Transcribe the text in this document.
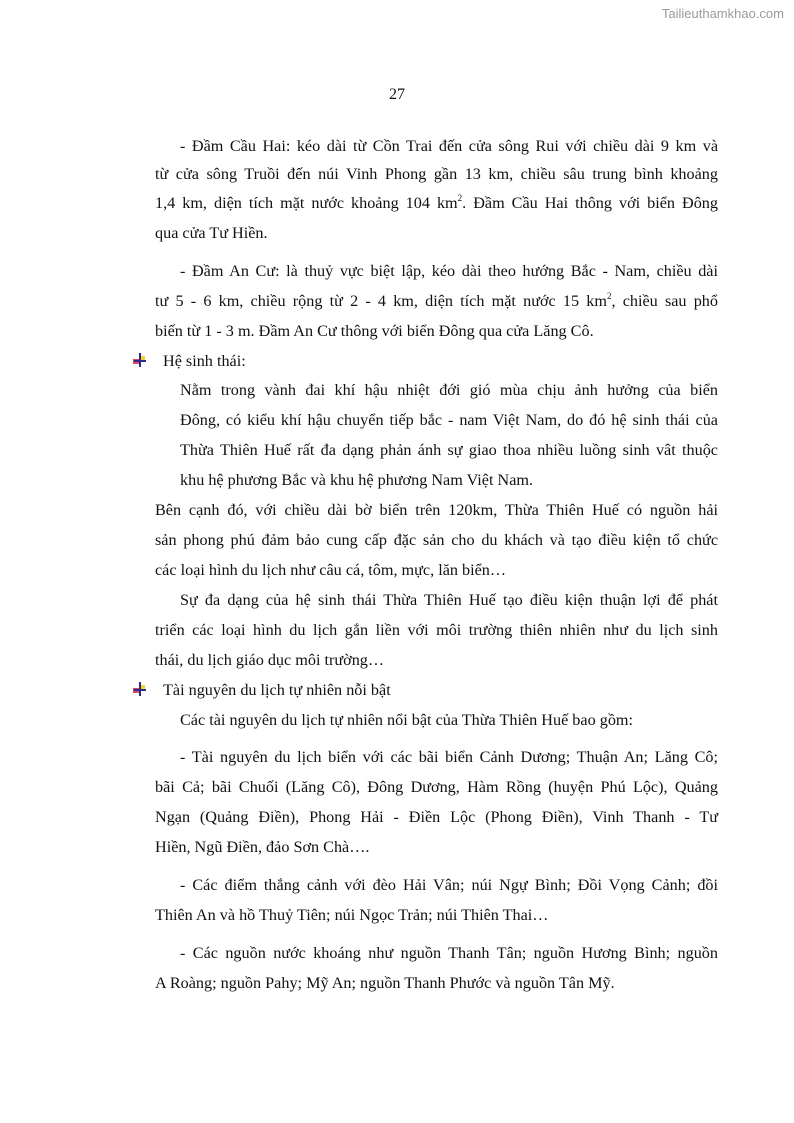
Tailieuthamkhao.com
27
- Đầm Cầu Hai: kéo dài từ Cồn Trai đến cửa sông Rui với chiều dài 9 km và
từ cửa sông Truồi đến núi Vinh Phong gần 13 km, chiều sâu trung bình khoảng
1,4 km, diện tích mặt nước khoảng 104 $km^2$. Đầm Cầu Hai thông với biển Đông
qua cửa Tư Hiền.
- Đầm An Cư: là thuỷ vực biệt lập, kéo dài theo hướng Bắc - Nam, chiều dài
tư 5 - 6 km, chiều rộng từ 2 - 4 km, diện tích mặt nước 15 $km^2$, chiều sau phổ
biến từ 1 - 3 m. Đầm An Cư thông với biển Đông qua cửa Lăng Cô.
Hệ sinh thái:
Nằm trong vành đai khí hậu nhiệt đới gió mùa chịu ảnh hưởng của biển
Đông, có kiểu khí hậu chuyển tiếp bắc - nam Việt Nam, do đó hệ sinh thái của
Thừa Thiên Huế rất đa dạng phản ánh sự giao thoa nhiều luồng sinh vât thuộc
khu hệ phương Bắc và khu hệ phương Nam Việt Nam.
Bên cạnh đó, với chiều dài bờ biển trên 120km, Thừa Thiên Huế có nguồn hải
sản phong phú đảm bảo cung cấp đặc sản cho du khách và tạo điều kiện tổ chức
các loại hình du lịch như câu cá, tôm, mực, lăn biển…
Sự đa dạng của hệ sinh thái Thừa Thiên Huế tạo điều kiện thuận lợi để phát
triển các loại hình du lịch gắn liền với môi trường thiên nhiên như du lịch sinh
thái, du lịch giáo dục môi trường…
Tài nguyên du lịch tự nhiên nỗi bật
Các tài nguyên du lịch tự nhiên nổi bật của Thừa Thiên Huế bao gồm:
- Tài nguyên du lịch biển với các bãi biển Cảnh Dương; Thuận An; Lăng Cô;
bãi Cả; bãi Chuối (Lăng Cô), Đông Dương, Hàm Rồng (huyện Phú Lộc), Quảng
Ngạn (Quảng Điền), Phong Hải - Điền Lộc (Phong Điền), Vinh Thanh - Tư
Hiền, Ngũ Điền, đảo Sơn Chà….
- Các điểm thắng cảnh với đèo Hải Vân; núi Ngự Bình; Đồi Vọng Cảnh; đồi
Thiên An và hồ Thuỷ Tiên; núi Ngọc Trản; núi Thiên Thai…
- Các nguồn nước khoáng như nguồn Thanh Tân; nguồn Hương Bình; nguồn
A Roàng; nguồn Pahy; Mỹ An; nguồn Thanh Phước và nguồn Tân Mỹ.
